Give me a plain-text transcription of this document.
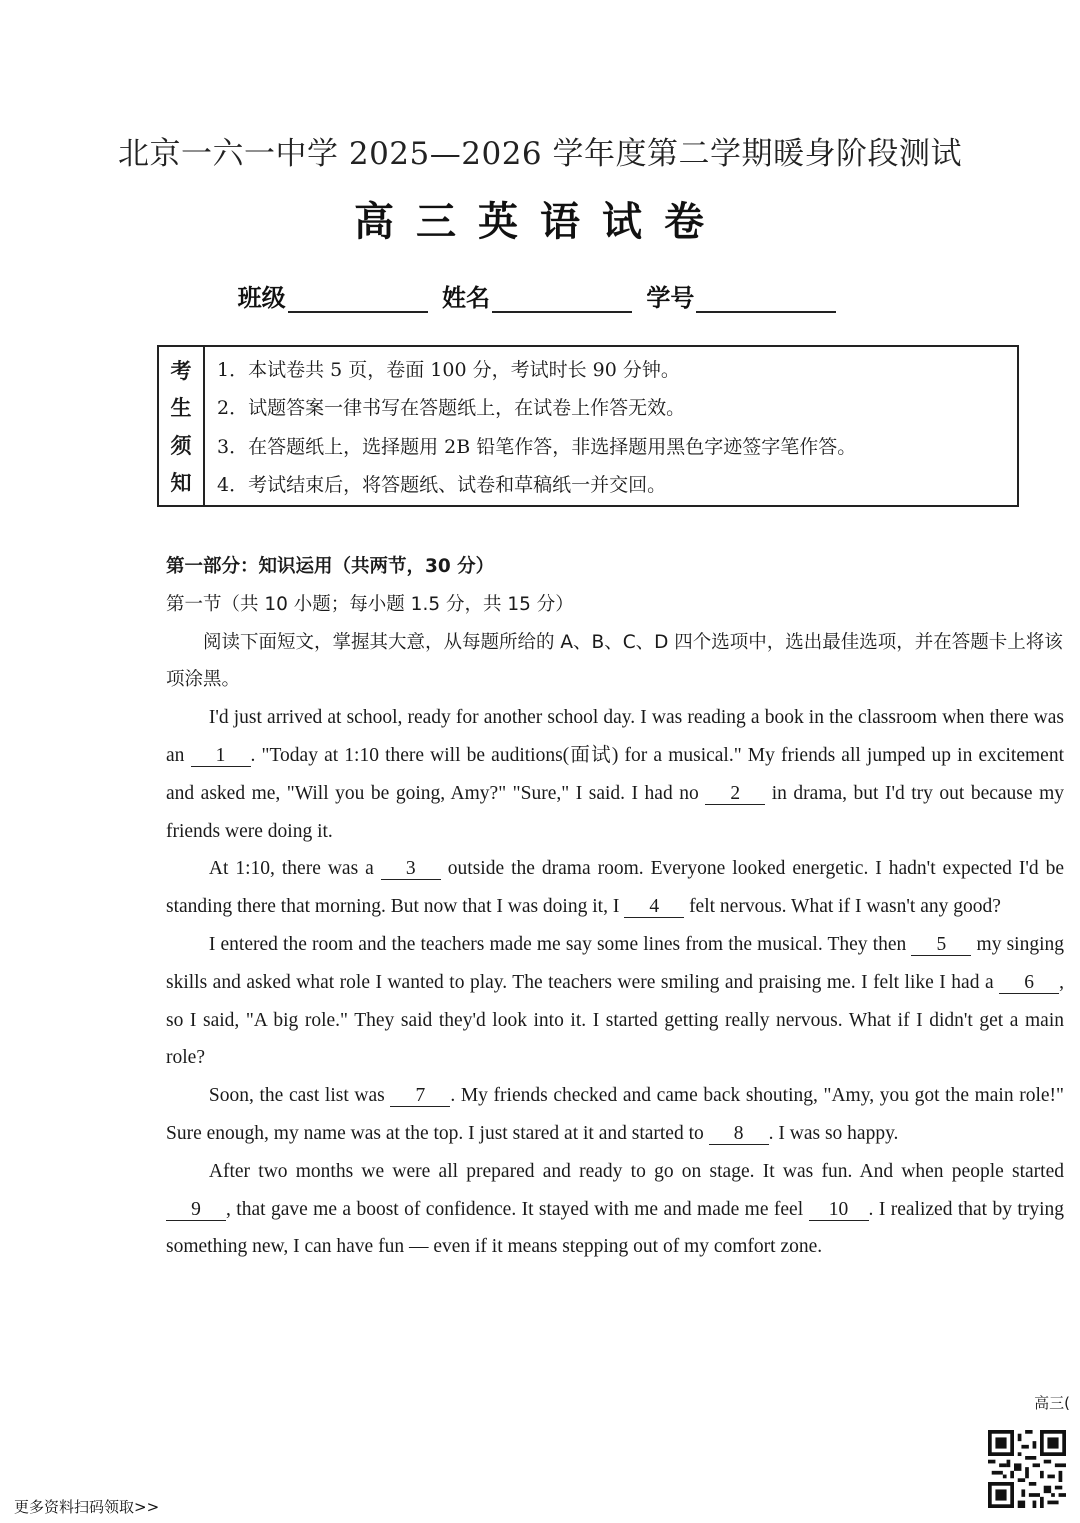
北京一六一中学 2025—2026 学年度第二学期暖身阶段测试
高三英语试卷
班级	姓名	学号
考
生
须
知
1．本试卷共 5 页，卷面 100 分，考试时长 90 分钟。
2．试题答案一律书写在答题纸上，在试卷上作答无效。
3．在答题纸上，选择题用 2B 铅笔作答，非选择题用黑色字迹签字笔作答。
4．考试结束后，将答题纸、试卷和草稿纸一并交回。
第一部分：知识运用（共两节，30 分）
第一节（共 10 小题；每小题 1.5 分，共 15 分）

阅读下面短文，掌握其大意，从每题所给的 A、B、C、D 四个选项中，选出最佳选项，并在答题卡上将该项涂黑。

I'd just arrived at school, ready for another school day. I was reading a book in the classroom when there was an 1 . "Today at 1:10 there will be auditions(面试) for a musical." My friends all jumped up in excitement and asked me, "Will you be going, Amy?" "Sure," I said. I had no 2 in drama, but I'd try out because my friends were doing it.

At 1:10, there was a 3 outside the drama room. Everyone looked energetic. I hadn't expected I'd be standing there that morning. But now that I was doing it, I 4 felt nervous. What if I wasn't any good?

I entered the room and the teachers made me say some lines from the musical. They then 5 my singing skills and asked what role I wanted to play. The teachers were smiling and praising me. I felt like I had a 6 , so I said, "A big role." They said they'd look into it. I started getting really nervous. What if I didn't get a main role?

Soon, the cast list was 7 . My friends checked and came back shouting, "Amy, you got the main role!" Sure enough, my name was at the top. I just stared at it and started to 8 . I was so happy.

After two months we were all prepared and ready to go on stage. It was fun. And when people started 9 , that gave me a boost of confidence. It stayed with me and made me feel 10 . I realized that by trying something new, I can have fun — even if it means stepping out of my comfort zone.

高三(
更多资料扫码领取>>
